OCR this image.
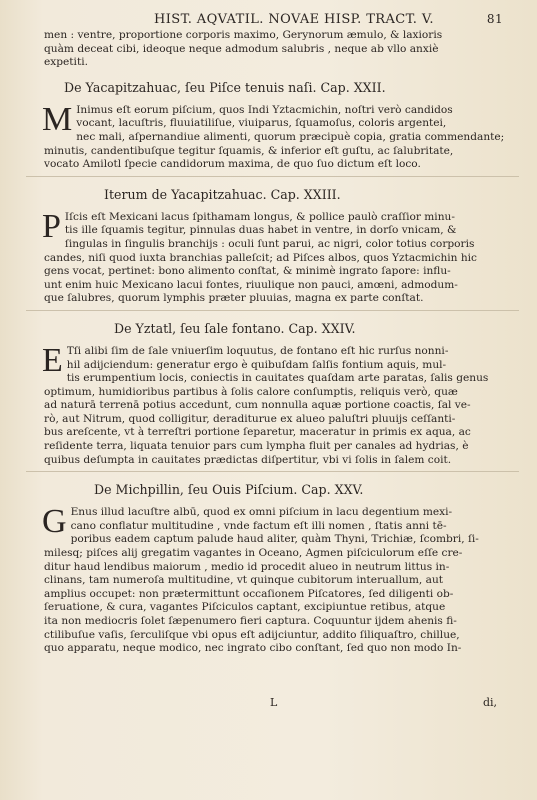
HIST. AQVATIL. NOVAE HISP. TRACT. V.	81
men : ventre, proportione corporis maximo, Gerynorum æmulo, & laxioris
quàm deceat cibi, ideoque neque admodum salubris , neque ab vllo anxiè
expetiti.
De Yacapitzahuac, ſeu Piſce tenuis naſi. Cap. XXII.
M Inimus eſt eorum piſcium, quos Indi Yztacmichin, noſtri verò candidos
vocant, lacuſtris, fluuiatiliſue, viuiparus, ſquamoſus, coloris argentei,
nec mali, aſpernandiue alimenti, quorum præcipuè copia, gratia commendante;
minutis, candentibuſque tegitur ſquamis, & inferior eſt guſtu, ac ſalubritate,
vocato Amilotl ſpecie candidorum maxima, de quo ſuo dictum eſt loco.
Iterum de Yacapitzahuac. Cap. XXIII.
P Iſcis eſt Mexicani lacus ſpithamam longus, & pollice paulò craſſior minu-
tis ille ſquamis tegitur, pinnulas duas habet in ventre, in dorſo vnicam, &
ſingulas in ſingulis branchijs : oculi ſunt parui, ac nigri, color totius corporis
candes, niſi quod iuxta branchias palleſcit; ad Piſces albos, quos Yztacmichin hic
gens vocat, pertinet: bono alimento conſtat, & minimè ingrato ſapore: influ-
unt enim huic Mexicano lacui fontes, riuulique non pauci, amœni, admodum-
que ſalubres, quorum lymphis præter pluuias, magna ex parte conſtat.
De Yztatl, ſeu ſale fontano. Cap. XXIV.
E Tſi alibi ſim de ſale vniuerſim loquutus, de fontano eſt hic rurſus nonni-
hil adijciendum: generatur ergo è quibuſdam ſalſis fontium aquis, mul-
tis erumpentium locis, coniectis in cauitates quaſdam arte paratas, ſalis genus
optimum, humidioribus partibus à ſolis calore conſumptis, reliquis verò, quæ
ad naturā terrenā potius accedunt, cum nonnulla aquæ portione coactis, ſal ve-
rò, aut Nitrum, quod colligitur, deraditurue ex alueo paluſtri pluuijs ceſſanti-
bus areſcente, vt à terreſtri portione ſeparetur, maceratur in primis ex aqua, ac
reſidente terra, liquata tenuior pars cum lympha fluit per canales ad hydrias, è
quibus deſumpta in cauitates prædictas diſpertitur, vbi vi ſolis in ſalem coit.
De Michpillin, ſeu Ouis Piſcium. Cap. XXV.
G Enus illud lacuſtre albū, quod ex omni piſcium in lacu degentium mexi-
cano conflatur multitudine , vnde factum eſt illi nomen , ſtatis anni tē-
poribus eadem captum palude haud aliter, quàm Thyni, Trichiæ, ſcombri, ſi-
milesq; piſces alij gregatim vagantes in Oceano, Agmen piſciculorum eſſe cre-
ditur haud lendibus maiorum , medio id procedit alueo in neutrum littus in-
clinans, tam numeroſa multitudine, vt quinque cubitorum interuallum, aut
amplius occupet: non prætermittunt occaſionem Piſcatores, ſed diligenti ob-
ſeruatione, & cura, vagantes Piſciculos captant, excipiuntue retibus, atque
ita non mediocris ſolet ſæpenumero fieri captura. Coquuntur ijdem ahenis fi-
ctilibuſue vaſis, ſerculiſque vbi opus eſt adijciuntur, addito ſiliquaſtro, chillue,
quo apparatu, neque modico, nec ingrato cibo conſtant, ſed quo non modo In-
L	di,
